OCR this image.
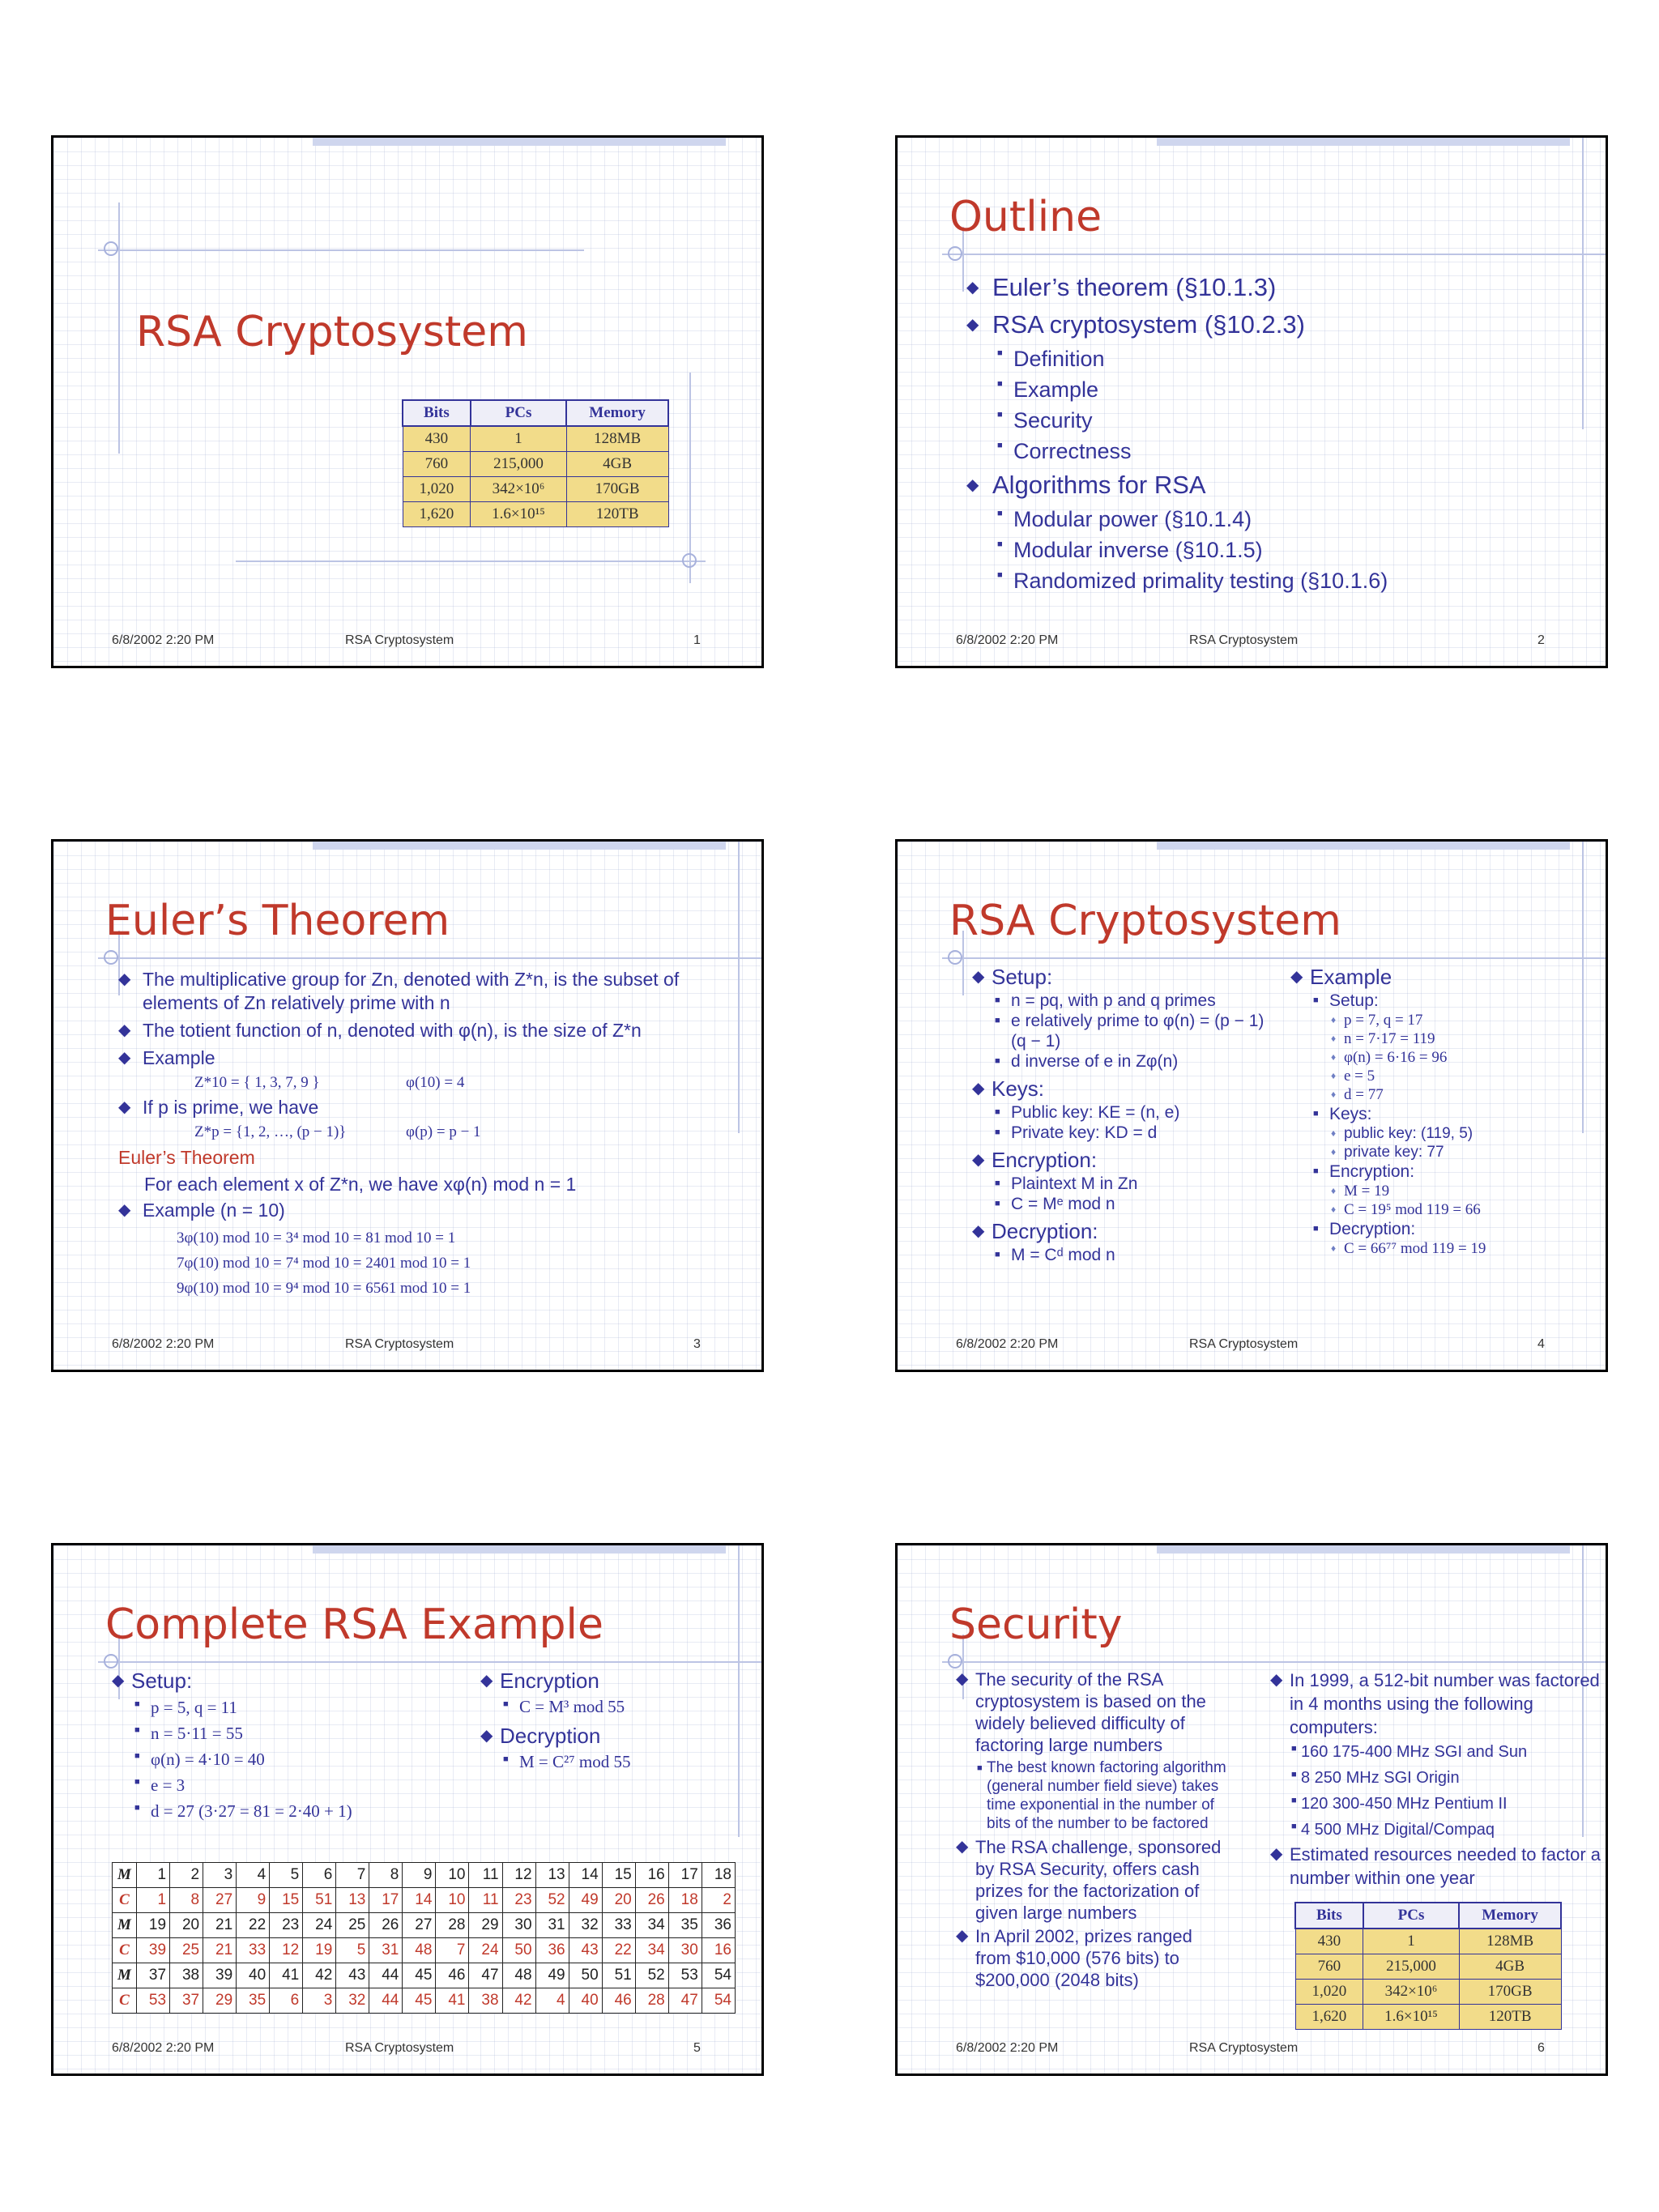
RSA Cryptosystem
Bits	PCs	Memory
430	1	128MB
760	215,000	4GB
1,020	342×10⁶	170GB
1,620	1.6×10¹⁵	120TB
6/8/2002 2:20 PM	RSA Cryptosystem	1
Outline
◆ Euler’s theorem (§10.1.3)
◆ RSA cryptosystem (§10.2.3)
■ Definition
■ Example
■ Security
■ Correctness
◆ Algorithms for RSA
■ Modular power (§10.1.4)
■ Modular inverse (§10.1.5)
■ Randomized primality testing (§10.1.6)
6/8/2002 2:20 PM	RSA Cryptosystem	2
Euler’s Theorem
◆ The multiplicative group for Zn, denoted with Z*n, is the subset of elements of Zn relatively prime with n
◆ The totient function of n, denoted with φ(n), is the size of Z*n
◆ Example
Z*10 = { 1, 3, 7, 9 }	φ(10) = 4
◆ If p is prime, we have
Z*p = {1, 2, …, (p − 1)}	φ(p) = p − 1
Euler’s Theorem
For each element x of Z*n, we have xφ(n) mod n = 1
◆ Example (n = 10)
3φ(10) mod 10 = 3⁴ mod 10 = 81 mod 10 = 1
7φ(10) mod 10 = 7⁴ mod 10 = 2401 mod 10 = 1
9φ(10) mod 10 = 9⁴ mod 10 = 6561 mod 10 = 1
6/8/2002 2:20 PM	RSA Cryptosystem	3
RSA Cryptosystem
◆ Setup:
■ n = pq, with p and q primes
■ e relatively prime to φ(n) = (p − 1) (q − 1)
■ d inverse of e in Zφ(n)
◆ Keys:
■ Public key: KE = (n, e)
■ Private key: KD = d
◆ Encryption:
■ Plaintext M in Zn
■ C = Mᵉ mod n
◆ Decryption:
■ M = Cᵈ mod n
◆ Example
■ Setup:
♦ p = 7, q = 17
♦ n = 7·17 = 119
♦ φ(n) = 6·16 = 96
♦ e = 5
♦ d = 77
■ Keys:
♦ public key: (119, 5)
♦ private key: 77
■ Encryption:
♦ M = 19
♦ C = 19⁵ mod 119 = 66
■ Decryption:
♦ C = 66⁷⁷ mod 119 = 19
6/8/2002 2:20 PM	RSA Cryptosystem	4
Complete RSA Example
◆ Setup:
■ p = 5, q = 11
■ n = 5·11 = 55
■ φ(n) = 4·10 = 40
■ e = 3
■ d = 27 (3·27 = 81 = 2·40 + 1)
◆ Encryption
■ C = M³ mod 55
◆ Decryption
■ M = C²⁷ mod 55
M	1	2	3	4	5	6	7	8	9	10	11	12	13	14	15	16	17	18
C	1	8	27	9	15	51	13	17	14	10	11	23	52	49	20	26	18	2
M	19	20	21	22	23	24	25	26	27	28	29	30	31	32	33	34	35	36
C	39	25	21	33	12	19	5	31	48	7	24	50	36	43	22	34	30	16
M	37	38	39	40	41	42	43	44	45	46	47	48	49	50	51	52	53	54
C	53	37	29	35	6	3	32	44	45	41	38	42	4	40	46	28	47	54
6/8/2002 2:20 PM	RSA Cryptosystem	5
Security
◆ The security of the RSA cryptosystem is based on the widely believed difficulty of factoring large numbers
■ The best known factoring algorithm (general number field sieve) takes time exponential in the number of bits of the number to be factored
◆ The RSA challenge, sponsored by RSA Security, offers cash prizes for the factorization of given large numbers
◆ In April 2002, prizes ranged from $10,000 (576 bits) to $200,000 (2048 bits)
◆ In 1999, a 512-bit number was factored in 4 months using the following computers:
■ 160 175-400 MHz SGI and Sun
■ 8 250 MHz SGI Origin
■ 120 300-450 MHz Pentium II
■ 4 500 MHz Digital/Compaq
◆ Estimated resources needed to factor a number within one year
Bits	PCs	Memory
430	1	128MB
760	215,000	4GB
1,020	342×10⁶	170GB
1,620	1.6×10¹⁵	120TB
6/8/2002 2:20 PM	RSA Cryptosystem	6
